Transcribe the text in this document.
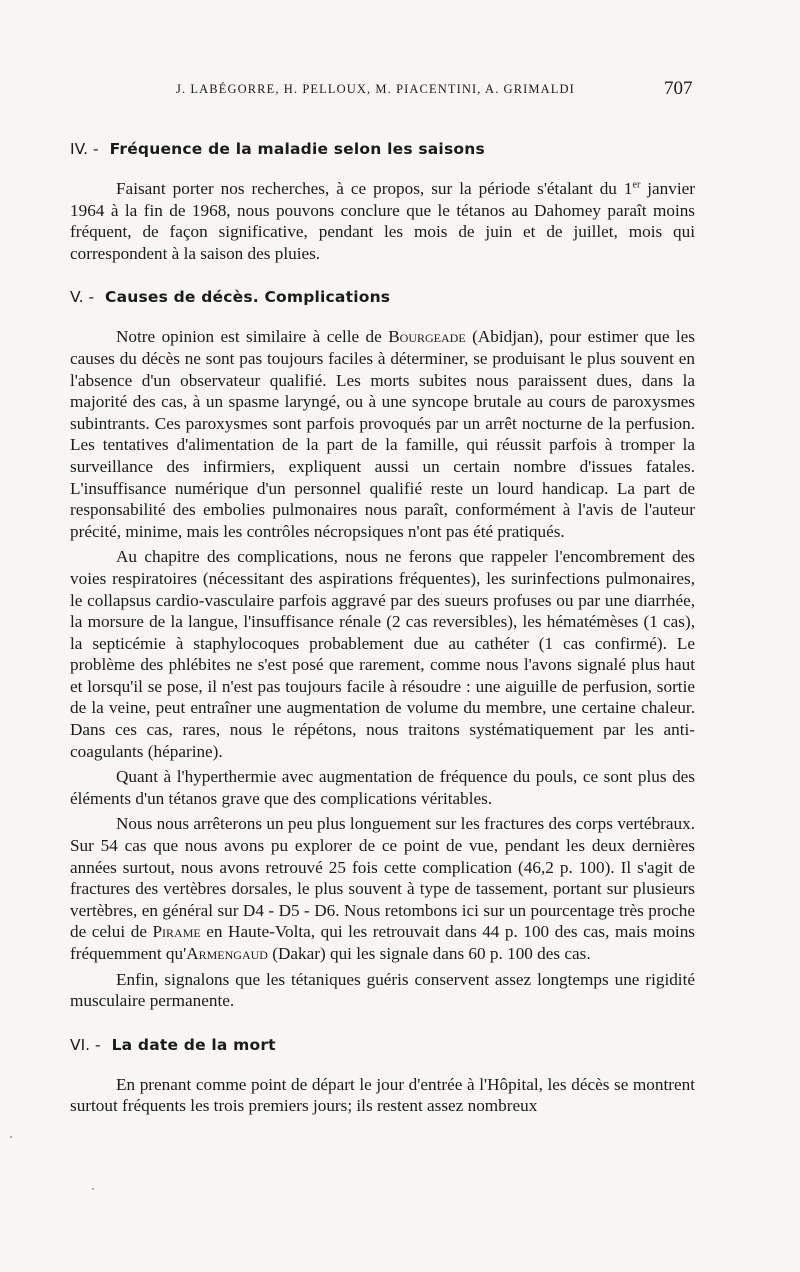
J. LABÉGORRE, H. PELLOUX, M. PIACENTINI, A. GRIMALDI	707
IV. - Fréquence de la maladie selon les saisons

Faisant porter nos recherches, à ce propos, sur la période s'étalant du 1er janvier 1964 à la fin de 1968, nous pouvons conclure que le tétanos au Dahomey paraît moins fréquent, de façon significative, pendant les mois de juin et de juillet, mois qui correspondent à la saison des pluies.

V. - Causes de décès. Complications

Notre opinion est similaire à celle de Bourgeade (Abidjan), pour estimer que les causes du décès ne sont pas toujours faciles à déterminer, se produisant le plus souvent en l'absence d'un observateur qualifié. Les morts subites nous paraissent dues, dans la majorité des cas, à un spasme laryngé, ou à une syncope brutale au cours de paroxysmes subintrants. Ces paroxysmes sont parfois provoqués par un arrêt nocturne de la perfusion. Les tentatives d'alimentation de la part de la famille, qui réussit parfois à tromper la surveillance des infirmiers, expliquent aussi un certain nombre d'issues fatales. L'insuffisance numérique d'un personnel qualifié reste un lourd handicap. La part de responsabilité des embolies pulmonaires nous paraît, conformément à l'avis de l'auteur précité, minime, mais les contrôles nécropsiques n'ont pas été pratiqués.

Au chapitre des complications, nous ne ferons que rappeler l'encombrement des voies respiratoires (nécessitant des aspirations fréquentes), les surinfections pulmonaires, le collapsus cardio-vasculaire parfois aggravé par des sueurs profuses ou par une diarrhée, la morsure de la langue, l'insuffisance rénale (2 cas reversibles), les hématémèses (1 cas), la septicémie à staphylocoques probablement due au cathéter (1 cas confirmé). Le problème des phlébites ne s'est posé que rarement, comme nous l'avons signalé plus haut et lorsqu'il se pose, il n'est pas toujours facile à résoudre : une aiguille de perfusion, sortie de la veine, peut entraîner une augmentation de volume du membre, une certaine chaleur. Dans ces cas, rares, nous le répétons, nous traitons systématiquement par les anti-coagulants (héparine).

Quant à l'hyperthermie avec augmentation de fréquence du pouls, ce sont plus des éléments d'un tétanos grave que des complications véritables.

Nous nous arrêterons un peu plus longuement sur les fractures des corps vertébraux. Sur 54 cas que nous avons pu explorer de ce point de vue, pendant les deux dernières années surtout, nous avons retrouvé 25 fois cette complication (46,2 p. 100). Il s'agit de fractures des vertèbres dorsales, le plus souvent à type de tassement, portant sur plusieurs vertèbres, en général sur D4 - D5 - D6. Nous retombons ici sur un pourcentage très proche de celui de Pirame en Haute-Volta, qui les retrouvait dans 44 p. 100 des cas, mais moins fréquemment qu'Armengaud (Dakar) qui les signale dans 60 p. 100 des cas.

Enfin, signalons que les tétaniques guéris conservent assez longtemps une rigidité musculaire permanente.

VI. - La date de la mort

En prenant comme point de départ le jour d'entrée à l'Hôpital, les décès se montrent surtout fréquents les trois premiers jours; ils restent assez nombreux
